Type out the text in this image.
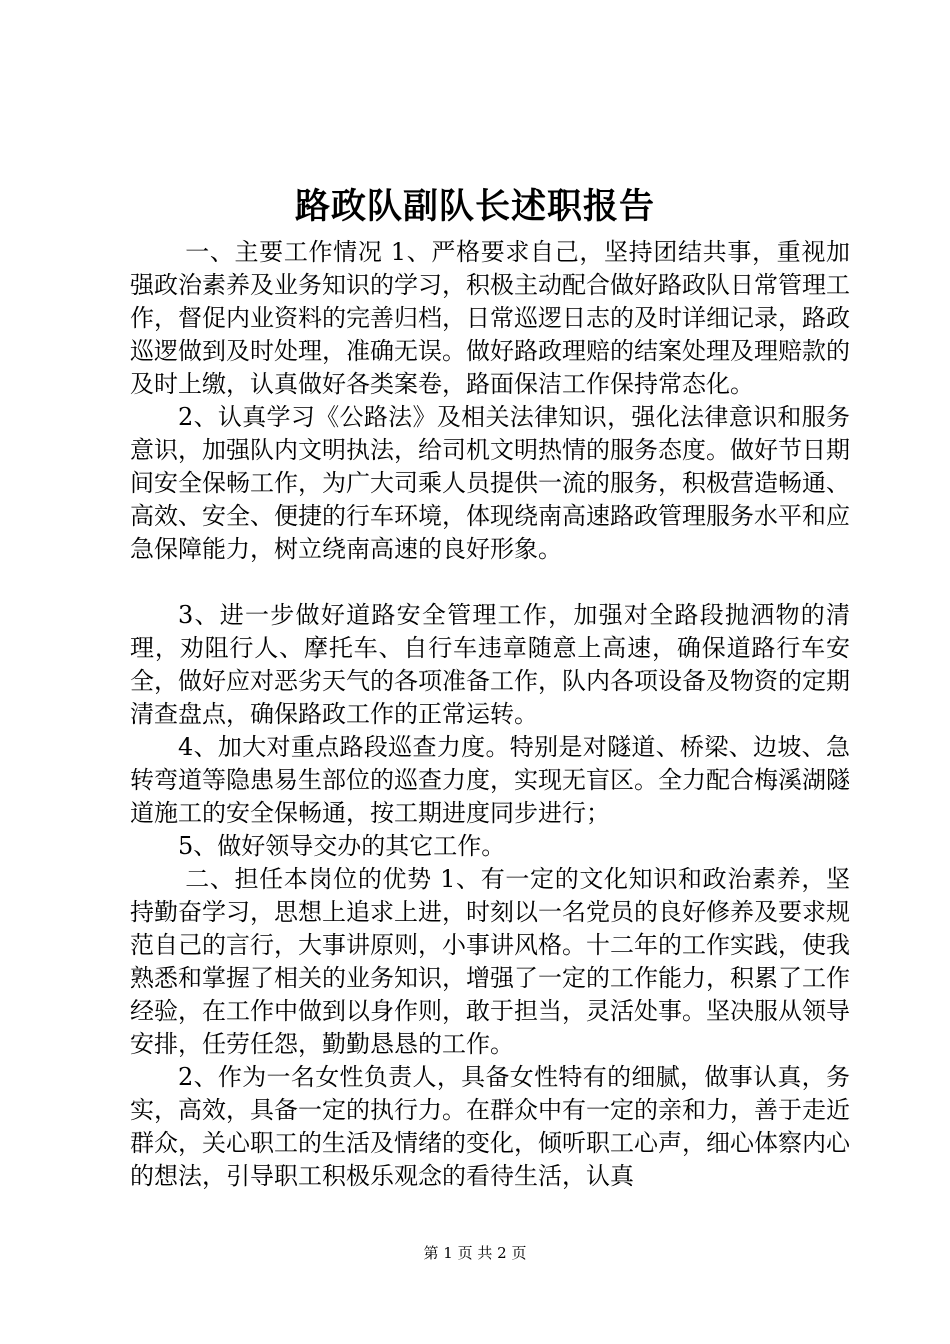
路政队副队长述职报告

一、主要工作情况 1、严格要求自己，坚持团结共事，重视加强政治素养及业务知识的学习，积极主动配合做好路政队日常管理工作，督促内业资料的完善归档，日常巡逻日志的及时详细记录，路政巡逻做到及时处理，准确无误。做好路政理赔的结案处理及理赔款的及时上缴，认真做好各类案卷，路面保洁工作保持常态化。

2、认真学习《公路法》及相关法律知识，强化法律意识和服务意识，加强队内文明执法，给司机文明热情的服务态度。做好节日期间安全保畅工作，为广大司乘人员提供一流的服务，积极营造畅通、高效、安全、便捷的行车环境，体现绕南高速路政管理服务水平和应急保障能力，树立绕南高速的良好形象。

3、进一步做好道路安全管理工作，加强对全路段抛洒物的清理，劝阻行人、摩托车、自行车违章随意上高速，确保道路行车安全，做好应对恶劣天气的各项准备工作，队内各项设备及物资的定期清查盘点，确保路政工作的正常运转。

4、加大对重点路段巡查力度。特别是对隧道、桥梁、边坡、急转弯道等隐患易生部位的巡查力度，实现无盲区。全力配合梅溪湖隧道施工的安全保畅通，按工期进度同步进行；

5、做好领导交办的其它工作。

二、担任本岗位的优势 1、有一定的文化知识和政治素养，坚持勤奋学习，思想上追求上进，时刻以一名党员的良好修养及要求规范自己的言行，大事讲原则，小事讲风格。十二年的工作实践，使我熟悉和掌握了相关的业务知识，增强了一定的工作能力，积累了工作经验，在工作中做到以身作则，敢于担当，灵活处事。坚决服从领导安排，任劳任怨，勤勤恳恳的工作。

2、作为一名女性负责人，具备女性特有的细腻，做事认真，务实，高效，具备一定的执行力。在群众中有一定的亲和力，善于走近群众，关心职工的生活及情绪的变化，倾听职工心声，细心体察内心的想法，引导职工积极乐观念的看待生活，认真

第 1 页 共 2 页
